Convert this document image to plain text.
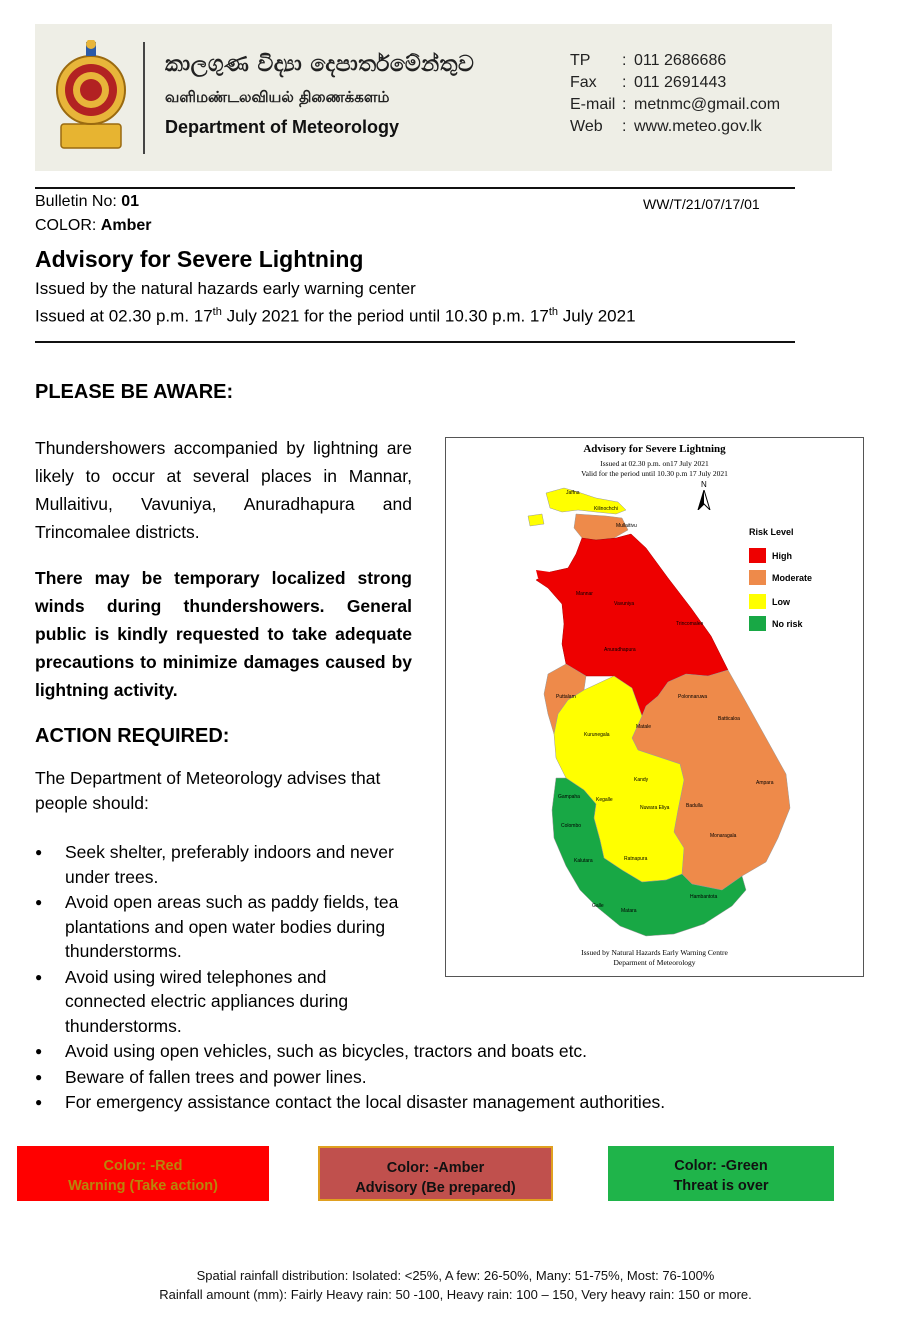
කාලගුණ විද්‍යා දෙපාර්තමේන්තුව
வளிமண்டலவியல் திணைக்களம்
Department of Meteorology
TP	: 011 2686686
Fax	: 011 2691443
E-mail : metnmc@gmail.com
Web	: www.meteo.gov.lk
Bulletin No: 01	WW/T/21/07/17/01
COLOR: Amber
Advisory for Severe Lightning
Issued by the natural hazards early warning center
Issued at 02.30 p.m. 17th July 2021 for the period until 10.30 p.m. 17th July 2021
PLEASE BE AWARE:
Thundershowers accompanied by lightning are likely to occur at several places in Mannar, Mullaitivu, Vavuniya, Anuradhapura and Trincomalee districts.
There may be temporary localized strong winds during thundershowers. General public is kindly requested to take adequate precautions to minimize damages caused by lightning activity.
ACTION REQUIRED:
The Department of Meteorology advises that people should:
● Seek shelter, preferably indoors and never under trees.
● Avoid open areas such as paddy fields, tea plantations and open water bodies during thunderstorms.
● Avoid using wired telephones and connected electric appliances during thunderstorms.
● Avoid using open vehicles, such as bicycles, tractors and boats etc.
● Beware of fallen trees and power lines.
● For emergency assistance contact the local disaster management authorities.
Advisory for Severe Lightning
Issued at 02.30 p.m. on17 July 2021
Valid for the period until 10.30 p.m 17 July 2021
N
Jaffna
Kilinochchi
Mullaitivu
Mannar
Vavuniya
Trincomalee
Anuradhapura
Puttalam	Polonnaruwa
Batticaloa
Kurunegala
Matale
Kandy	Ampara
Gampaha	Kegalle
Nuwara Eliya	Badulla
Colombo
Monaragala
Kalutara	Ratnapura
Hambantota
Galle
Matara
Risk Level
High
Moderate
Low
No risk
Issued by Natural Hazards Early Warning Centre
Deparment of Meteorology
Color: -Red
Warning (Take action)
Color: -Amber
Advisory (Be prepared)
Color: -Green
Threat is over
Spatial rainfall distribution: Isolated: <25%, A few: 26-50%, Many: 51-75%, Most: 76-100%
Rainfall amount (mm): Fairly Heavy rain: 50 -100, Heavy rain: 100 – 150, Very heavy rain: 150 or more.
